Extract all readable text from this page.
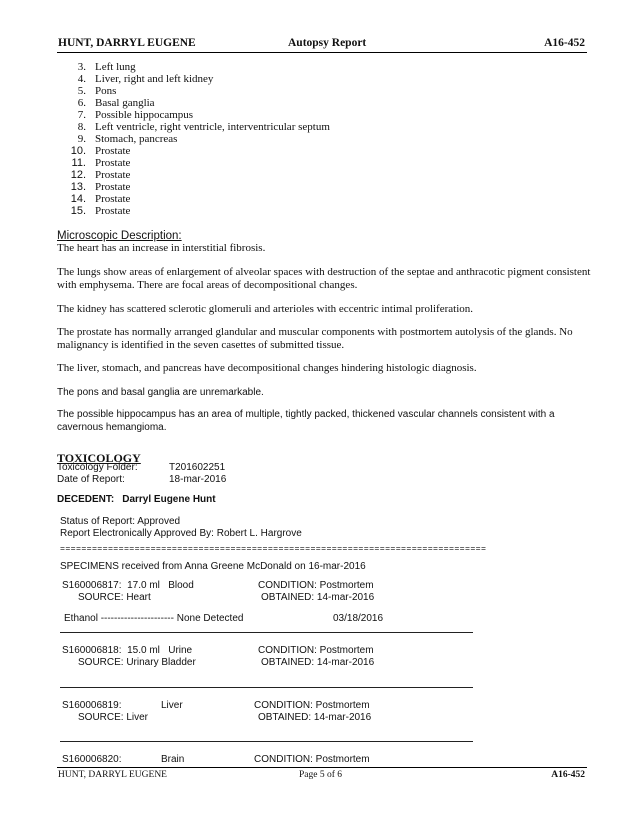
HUNT, DARRYL EUGENE	Autopsy Report	A16-452
3. Left lung
4. Liver, right and left kidney
5. Pons
6. Basal ganglia
7. Possible hippocampus
8. Left ventricle, right ventricle, interventricular septum
9. Stomach, pancreas
10. Prostate
11. Prostate
12. Prostate
13. Prostate
14. Prostate
15. Prostate
Microscopic Description:
The heart has an increase in interstitial fibrosis.
The lungs show areas of enlargement of alveolar spaces with destruction of the septae and anthracotic pigment consistent with emphysema. There are focal areas of decompositional changes.
The kidney has scattered sclerotic glomeruli and arterioles with eccentric intimal proliferation.
The prostate has normally arranged glandular and muscular components with postmortem autolysis of the glands. No malignancy is identified in the seven casettes of submitted tissue.
The liver, stomach, and pancreas have decompositional changes hindering histologic diagnosis.
The pons and basal ganglia are unremarkable.
The possible hippocampus has an area of multiple, tightly packed, thickened vascular channels consistent with a cavernous hemangioma.
TOXICOLOGY
Toxicology Folder:	T201602251
Date of Report:	18-mar-2016
DECEDENT: Darryl Eugene Hunt
Status of Report: Approved
Report Electronically Approved By: Robert L. Hargrove
================================================================================
SPECIMENS received from Anna Greene McDonald on 16-mar-2016
S160006817: 17.0 ml Blood	CONDITION: Postmortem
SOURCE: Heart	OBTAINED: 14-mar-2016
Ethanol ---------------------- None Detected	03/18/2016
S160006818: 15.0 ml Urine	CONDITION: Postmortem
SOURCE: Urinary Bladder	OBTAINED: 14-mar-2016
S160006819:	Liver	CONDITION: Postmortem
SOURCE: Liver	OBTAINED: 14-mar-2016
S160006820:	Brain	CONDITION: Postmortem
HUNT, DARRYL EUGENE	Page 5 of 6	A16-452
